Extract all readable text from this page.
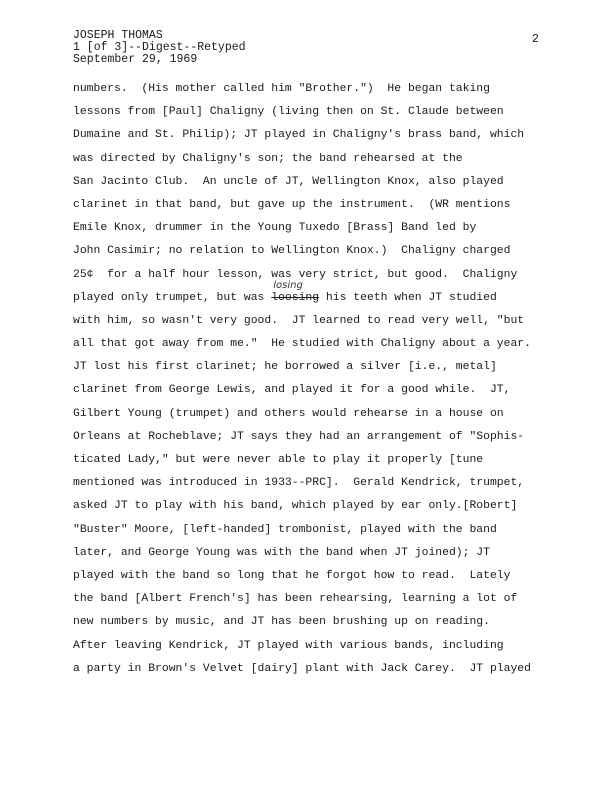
JOSEPH THOMAS
1 [of 3]--Digest--Retyped
September 29, 1969
2
numbers.  (His mother called him "Brother.")  He began taking
lessons from [Paul] Chaligny (living then on St. Claude between
Dumaine and St. Philip); JT played in Chaligny's brass band, which
was directed by Chaligny's son; the band rehearsed at the
San Jacinto Club.  An uncle of JT, Wellington Knox, also played
clarinet in that band, but gave up the instrument.  (WR mentions
Emile Knox, drummer in the Young Tuxedo [Brass] Band led by
John Casimir; no relation to Wellington Knox.)  Chaligny charged
25¢  for a half hour lesson, was very strict, but good.  Chaligny
played only trumpet, but was
losing
loosing his teeth when JT studied
with him, so wasn't very good.  JT learned to read very well, "but
all that got away from me."  He studied with Chaligny about a year.
JT lost his first clarinet; he borrowed a silver [i.e., metal]
clarinet from George Lewis, and played it for a good while.  JT,
Gilbert Young (trumpet) and others would rehearse in a house on
Orleans at Rocheblave; JT says they had an arrangement of "Sophis-
ticated Lady," but were never able to play it properly [tune
mentioned was introduced in 1933--PRC].  Gerald Kendrick, trumpet,
asked JT to play with his band, which played by ear only.[Robert]
"Buster" Moore, [left-handed] trombonist, played with the band
later, and George Young was with the band when JT joined); JT
played with the band so long that he forgot how to read.  Lately
the band [Albert French's] has been rehearsing, learning a lot of
new numbers by music, and JT has been brushing up on reading.
After leaving Kendrick, JT played with various bands, including
a party in Brown's Velvet [dairy] plant with Jack Carey.  JT played
